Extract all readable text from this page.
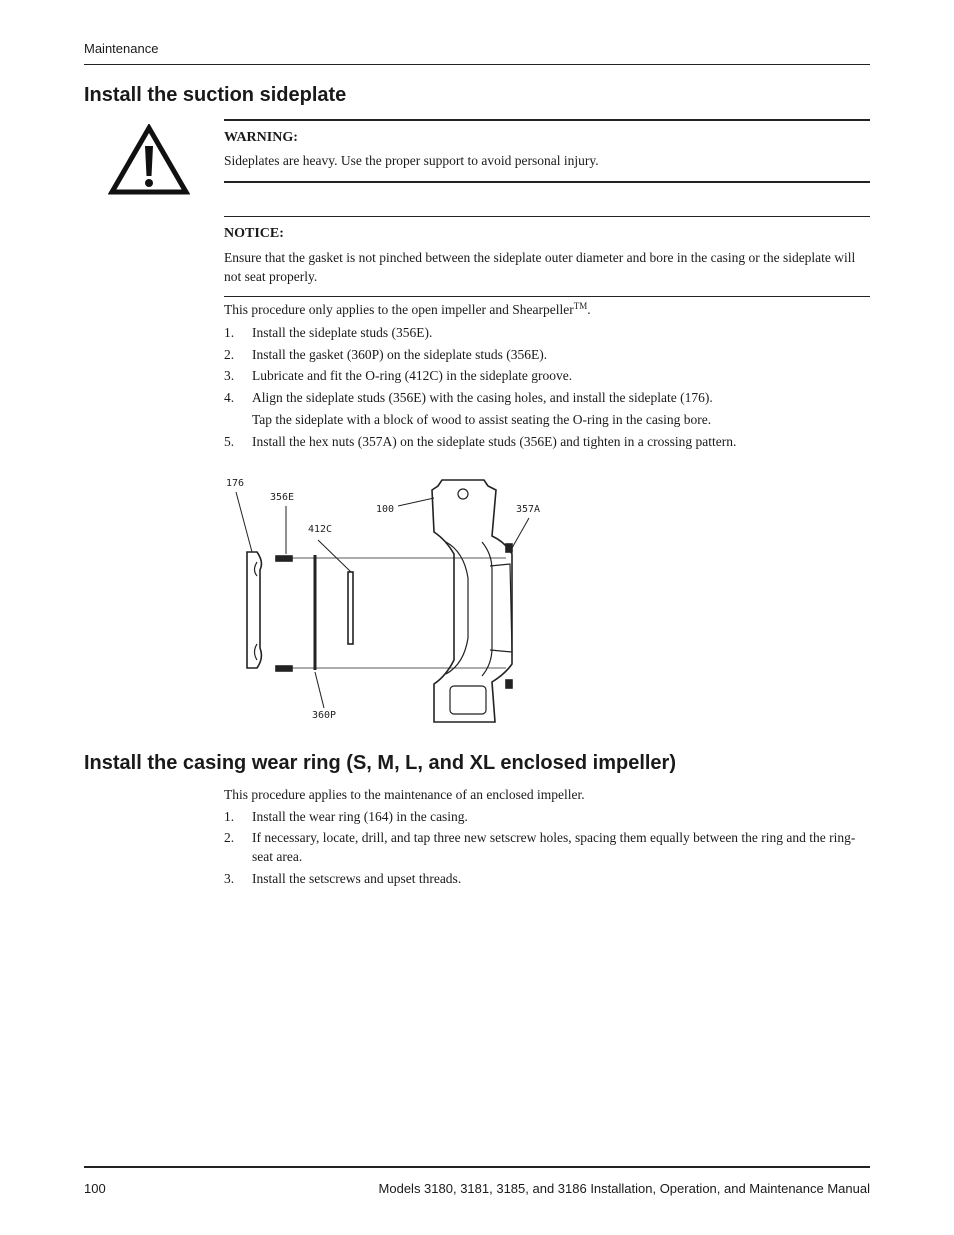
Maintenance
Install the suction sideplate
WARNING:
Sideplates are heavy. Use the proper support to avoid personal injury.
NOTICE:
Ensure that the gasket is not pinched between the sideplate outer diameter and bore in the casing or the sideplate will not seat properly.
This procedure only applies to the open impeller and Shearpeller™.
1. Install the sideplate studs (356E).
2. Install the gasket (360P) on the sideplate studs (356E).
3. Lubricate and fit the O-ring (412C) in the sideplate groove.
4. Align the sideplate studs (356E) with the casing holes, and install the sideplate (176).
Tap the sideplate with a block of wood to assist seating the O-ring in the casing bore.
5. Install the hex nuts (357A) on the sideplate studs (356E) and tighten in a crossing pattern.
176
356E
412C
100	357A
360P
Install the casing wear ring (S, M, L, and XL enclosed impeller)
This procedure applies to the maintenance of an enclosed impeller.
1. Install the wear ring (164) in the casing.
2. If necessary, locate, drill, and tap three new setscrew holes, spacing them equally between the ring and the ring-seat area.
3. Install the setscrews and upset threads.
100	Models 3180, 3181, 3185, and 3186 Installation, Operation, and Maintenance Manual
